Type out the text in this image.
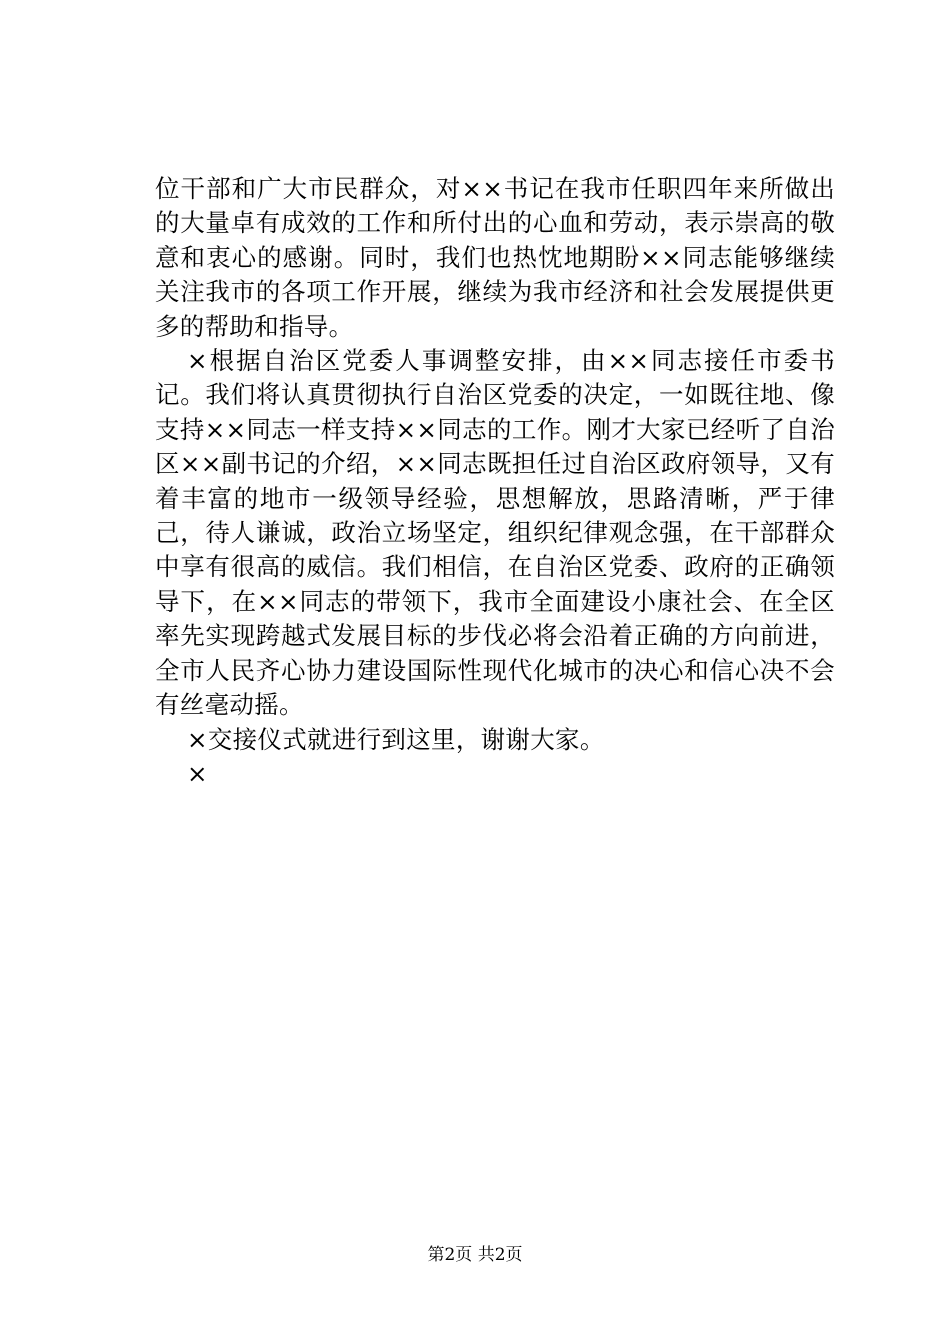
位干部和广大市民群众，对××书记在我市任职四年来所做出的大量卓有成效的工作和所付出的心血和劳动，表示崇高的敬意和衷心的感谢。同时，我们也热忱地期盼××同志能够继续关注我市的各项工作开展，继续为我市经济和社会发展提供更多的帮助和指导。

×根据自治区党委人事调整安排，由××同志接任市委书记。我们将认真贯彻执行自治区党委的决定，一如既往地、像支持××同志一样支持××同志的工作。刚才大家已经听了自治区××副书记的介绍，××同志既担任过自治区政府领导，又有着丰富的地市一级领导经验，思想解放，思路清晰，严于律己，待人谦诚，政治立场坚定，组织纪律观念强，在干部群众中享有很高的威信。我们相信，在自治区党委、政府的正确领导下，在××同志的带领下，我市全面建设小康社会、在全区率先实现跨越式发展目标的步伐必将会沿着正确的方向前进，全市人民齐心协力建设国际性现代化城市的决心和信心决不会有丝毫动摇。

×交接仪式就进行到这里，谢谢大家。

×

第2页 共2页
